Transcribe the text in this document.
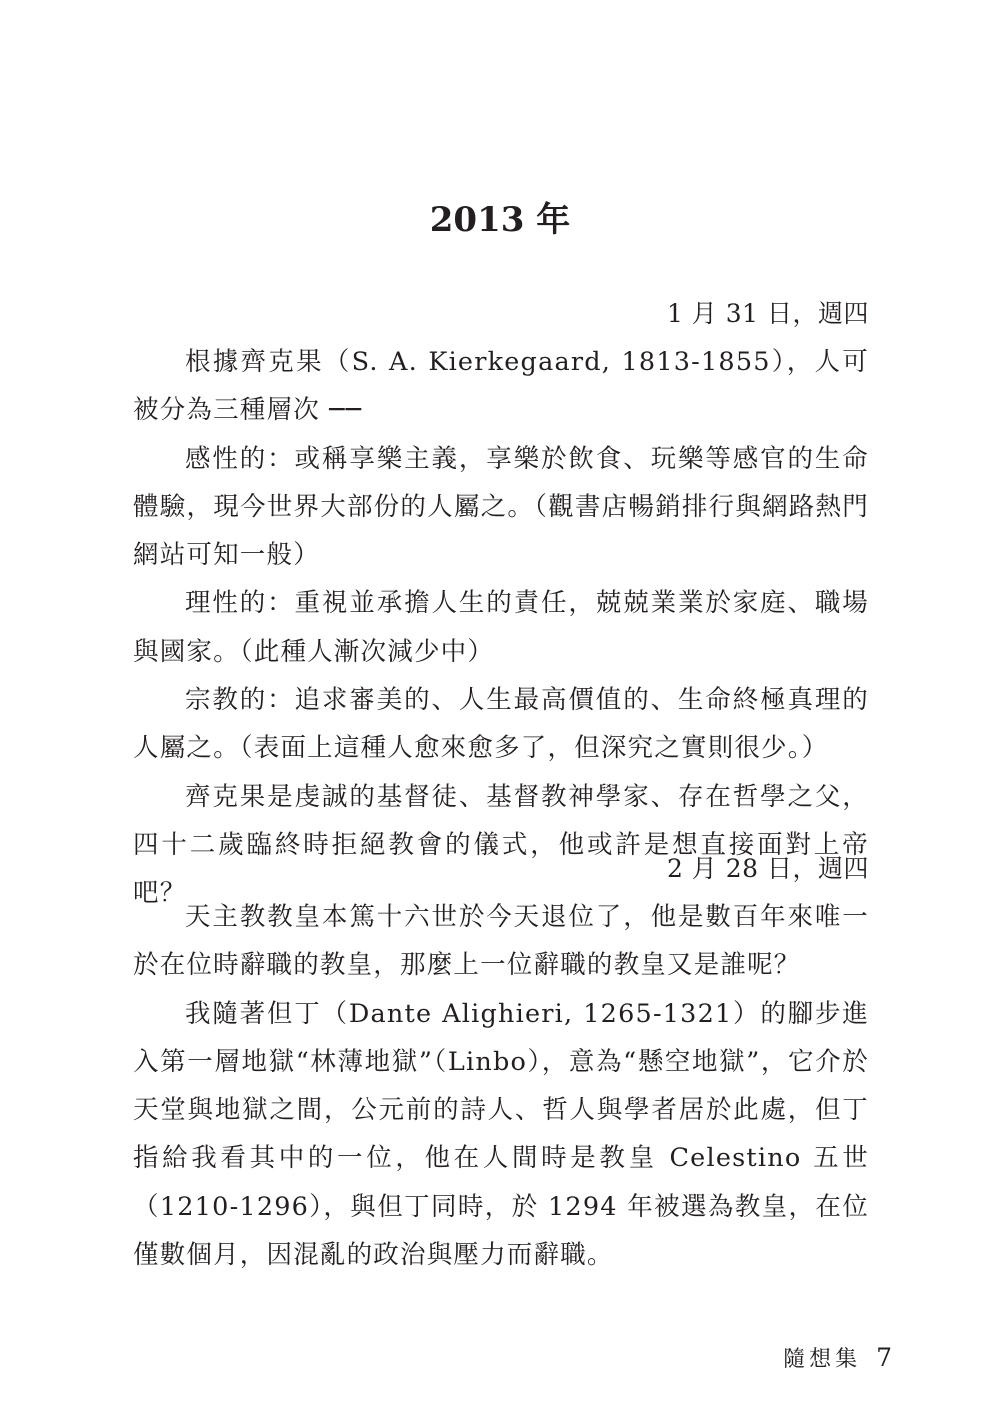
2013 年
1 月 31 日，週四

根據齊克果（S. A. Kierkegaard, 1813-1855），人可被分為三種層次 ──

感性的：或稱享樂主義，享樂於飲食、玩樂等感官的生命體驗，現今世界大部份的人屬之。（觀書店暢銷排行與網路熱門網站可知一般）

理性的：重視並承擔人生的責任，兢兢業業於家庭、職場與國家。（此種人漸次減少中）

宗教的：追求審美的、人生最高價值的、生命終極真理的人屬之。（表面上這種人愈來愈多了，但深究之實則很少。）

齊克果是虔誠的基督徒、基督教神學家、存在哲學之父，四十二歲臨終時拒絕教會的儀式，他或許是想直接面對上帝吧？

2 月 28 日，週四

天主教教皇本篤十六世於今天退位了，他是數百年來唯一於在位時辭職的教皇，那麼上一位辭職的教皇又是誰呢？

我隨著但丁（Dante Alighieri, 1265-1321）的腳步進入第一層地獄“林薄地獄”（Linbo），意為“懸空地獄”，它介於天堂與地獄之間，公元前的詩人、哲人與學者居於此處，但丁指給我看其中的一位，他在人間時是教皇 Celestino 五世（1210-1296），與但丁同時，於 1294 年被選為教皇，在位僅數個月，因混亂的政治與壓力而辭職。

隨想集 7
